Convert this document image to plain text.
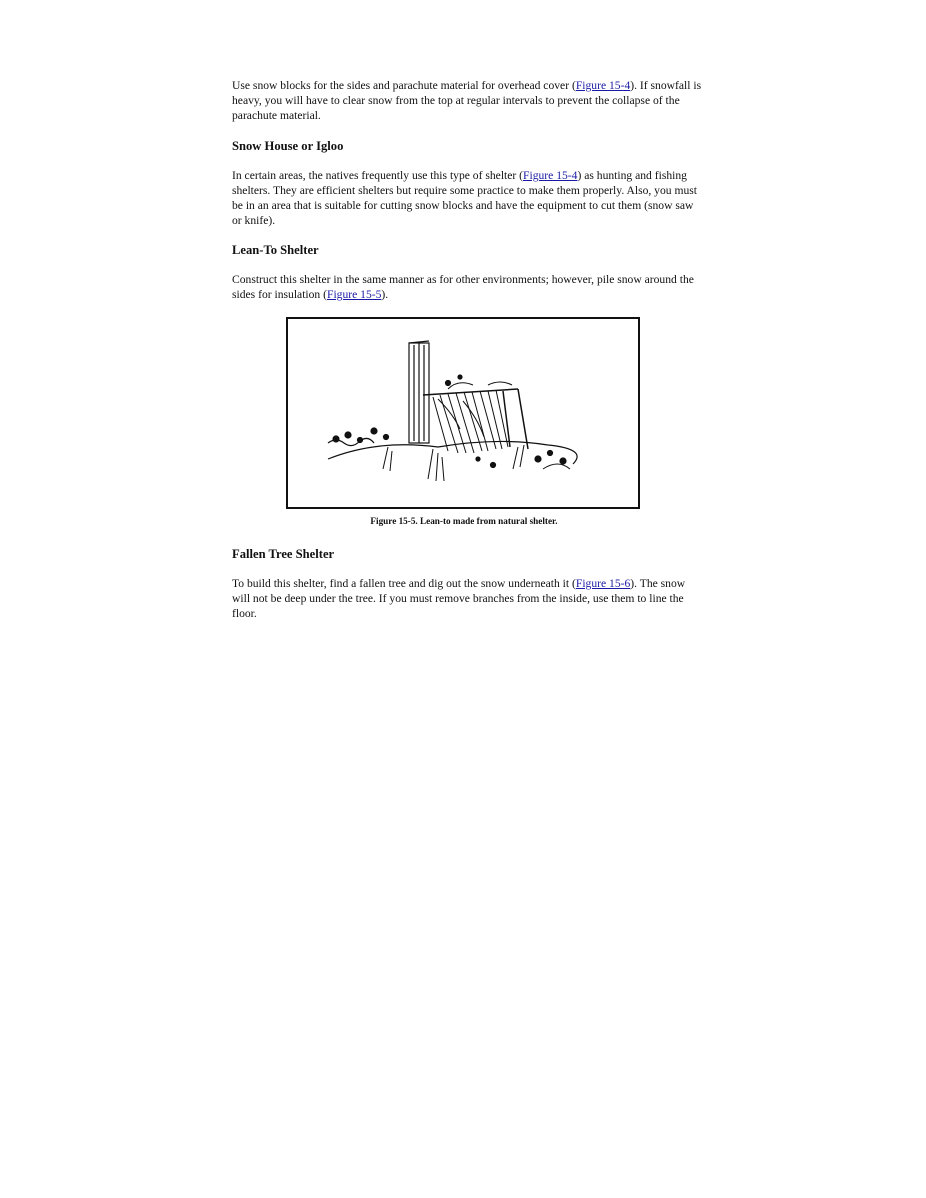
Use snow blocks for the sides and parachute material for overhead cover (Figure 15-4). If snowfall is heavy, you will have to clear snow from the top at regular intervals to prevent the collapse of the parachute material.

Snow House or Igloo

In certain areas, the natives frequently use this type of shelter (Figure 15-4) as hunting and fishing shelters. They are efficient shelters but require some practice to make them properly. Also, you must be in an area that is suitable for cutting snow blocks and have the equipment to cut them (snow saw or knife).

Lean-To Shelter

Construct this shelter in the same manner as for other environments; however, pile snow around the sides for insulation (Figure 15-5).

Figure 15-5. Lean-to made from natural shelter.
Fallen Tree Shelter

To build this shelter, find a fallen tree and dig out the snow underneath it (Figure 15-6). The snow will not be deep under the tree. If you must remove branches from the inside, use them to line the floor.
